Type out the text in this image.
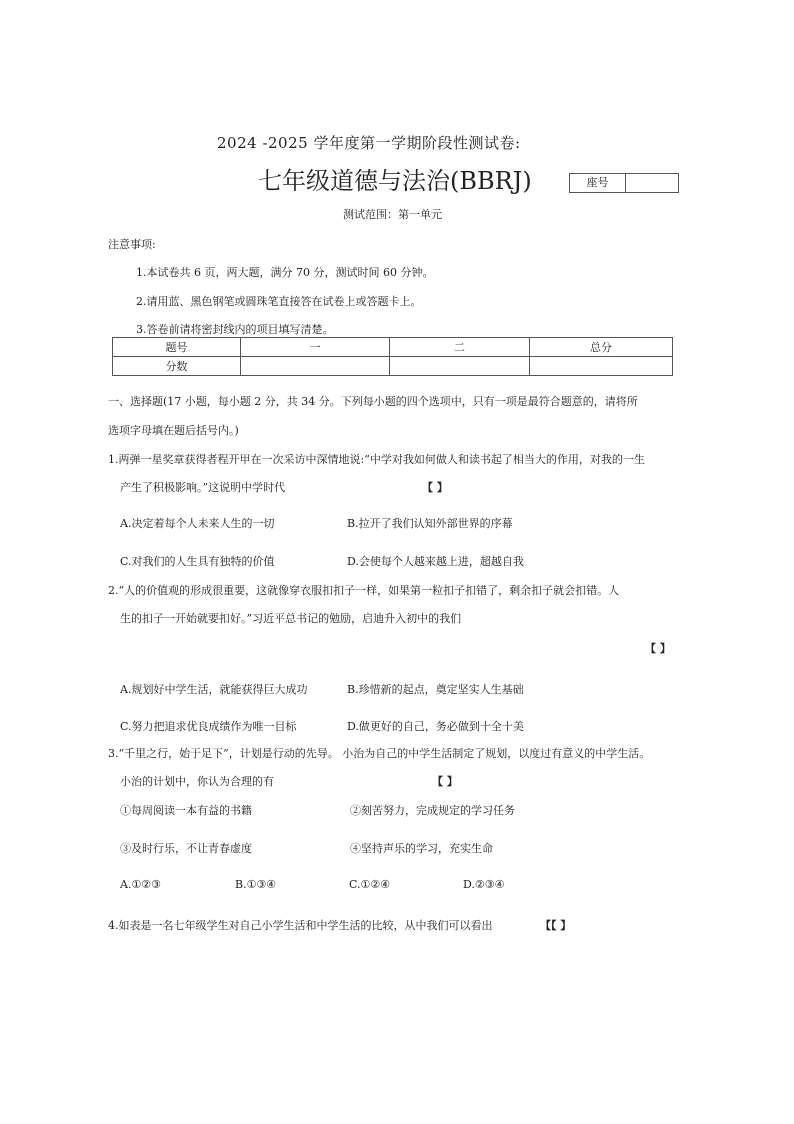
2024 -2025 学年度第一学期阶段性测试卷:
七年级道德与法治(BBRJ)	座号
测试范围：第一单元
注意事项:
1.本试卷共 6 页，两大题，满分 70 分，测试时间 60 分钟。
2.请用蓝、黑色钢笔或圆珠笔直接答在试卷上或答题卡上。
3.答卷前请将密封线内的项目填写清楚。
题号	一	二	总分
分数			
一、选择题(17 小题，每小题 2 分，共 34 分。下列每小题的四个选项中，只有一项是最符合题意的，请将所
选项字母填在题后括号内。)
1.两弹一星奖章获得者程开甲在一次采访中深情地说:“中学对我如何做人和读书起了相当大的作用，对我的一生
产生了积极影响。”这说明中学时代	【 】
A.决定着每个人未来人生的一切	B.拉开了我们认知外部世界的序幕
C.对我们的人生具有独特的价值	D.会使每个人越来越上进，超越自我
2.“人的价值观的形成很重要，这就像穿衣服扣扣子一样，如果第一粒扣子扣错了，剩余扣子就会扣错。人
生的扣子一开始就要扣好。”习近平总书记的勉励，启迪升入初中的我们
【 】
A.规划好中学生活，就能获得巨大成功	B.珍惜新的起点，奠定坚实人生基础
C.努力把追求优良成绩作为唯一目标	D.做更好的自己，务必做到十全十美
3.“千里之行，始于足下”，计划是行动的先导。 小治为自己的中学生活制定了规划，以度过有意义的中学生活。
小治的计划中，你认为合理的有	【 】
①每周阅读一本有益的书籍	②刻苦努力，完成规定的学习任务
③及时行乐，不让青春虚度	④坚持声乐的学习，充实生命
A.①②③	B.①③④	C.①②④	D.②③④
4.如表是一名七年级学生对自己小学生活和中学生活的比较，从中我们可以看出	【【 】
